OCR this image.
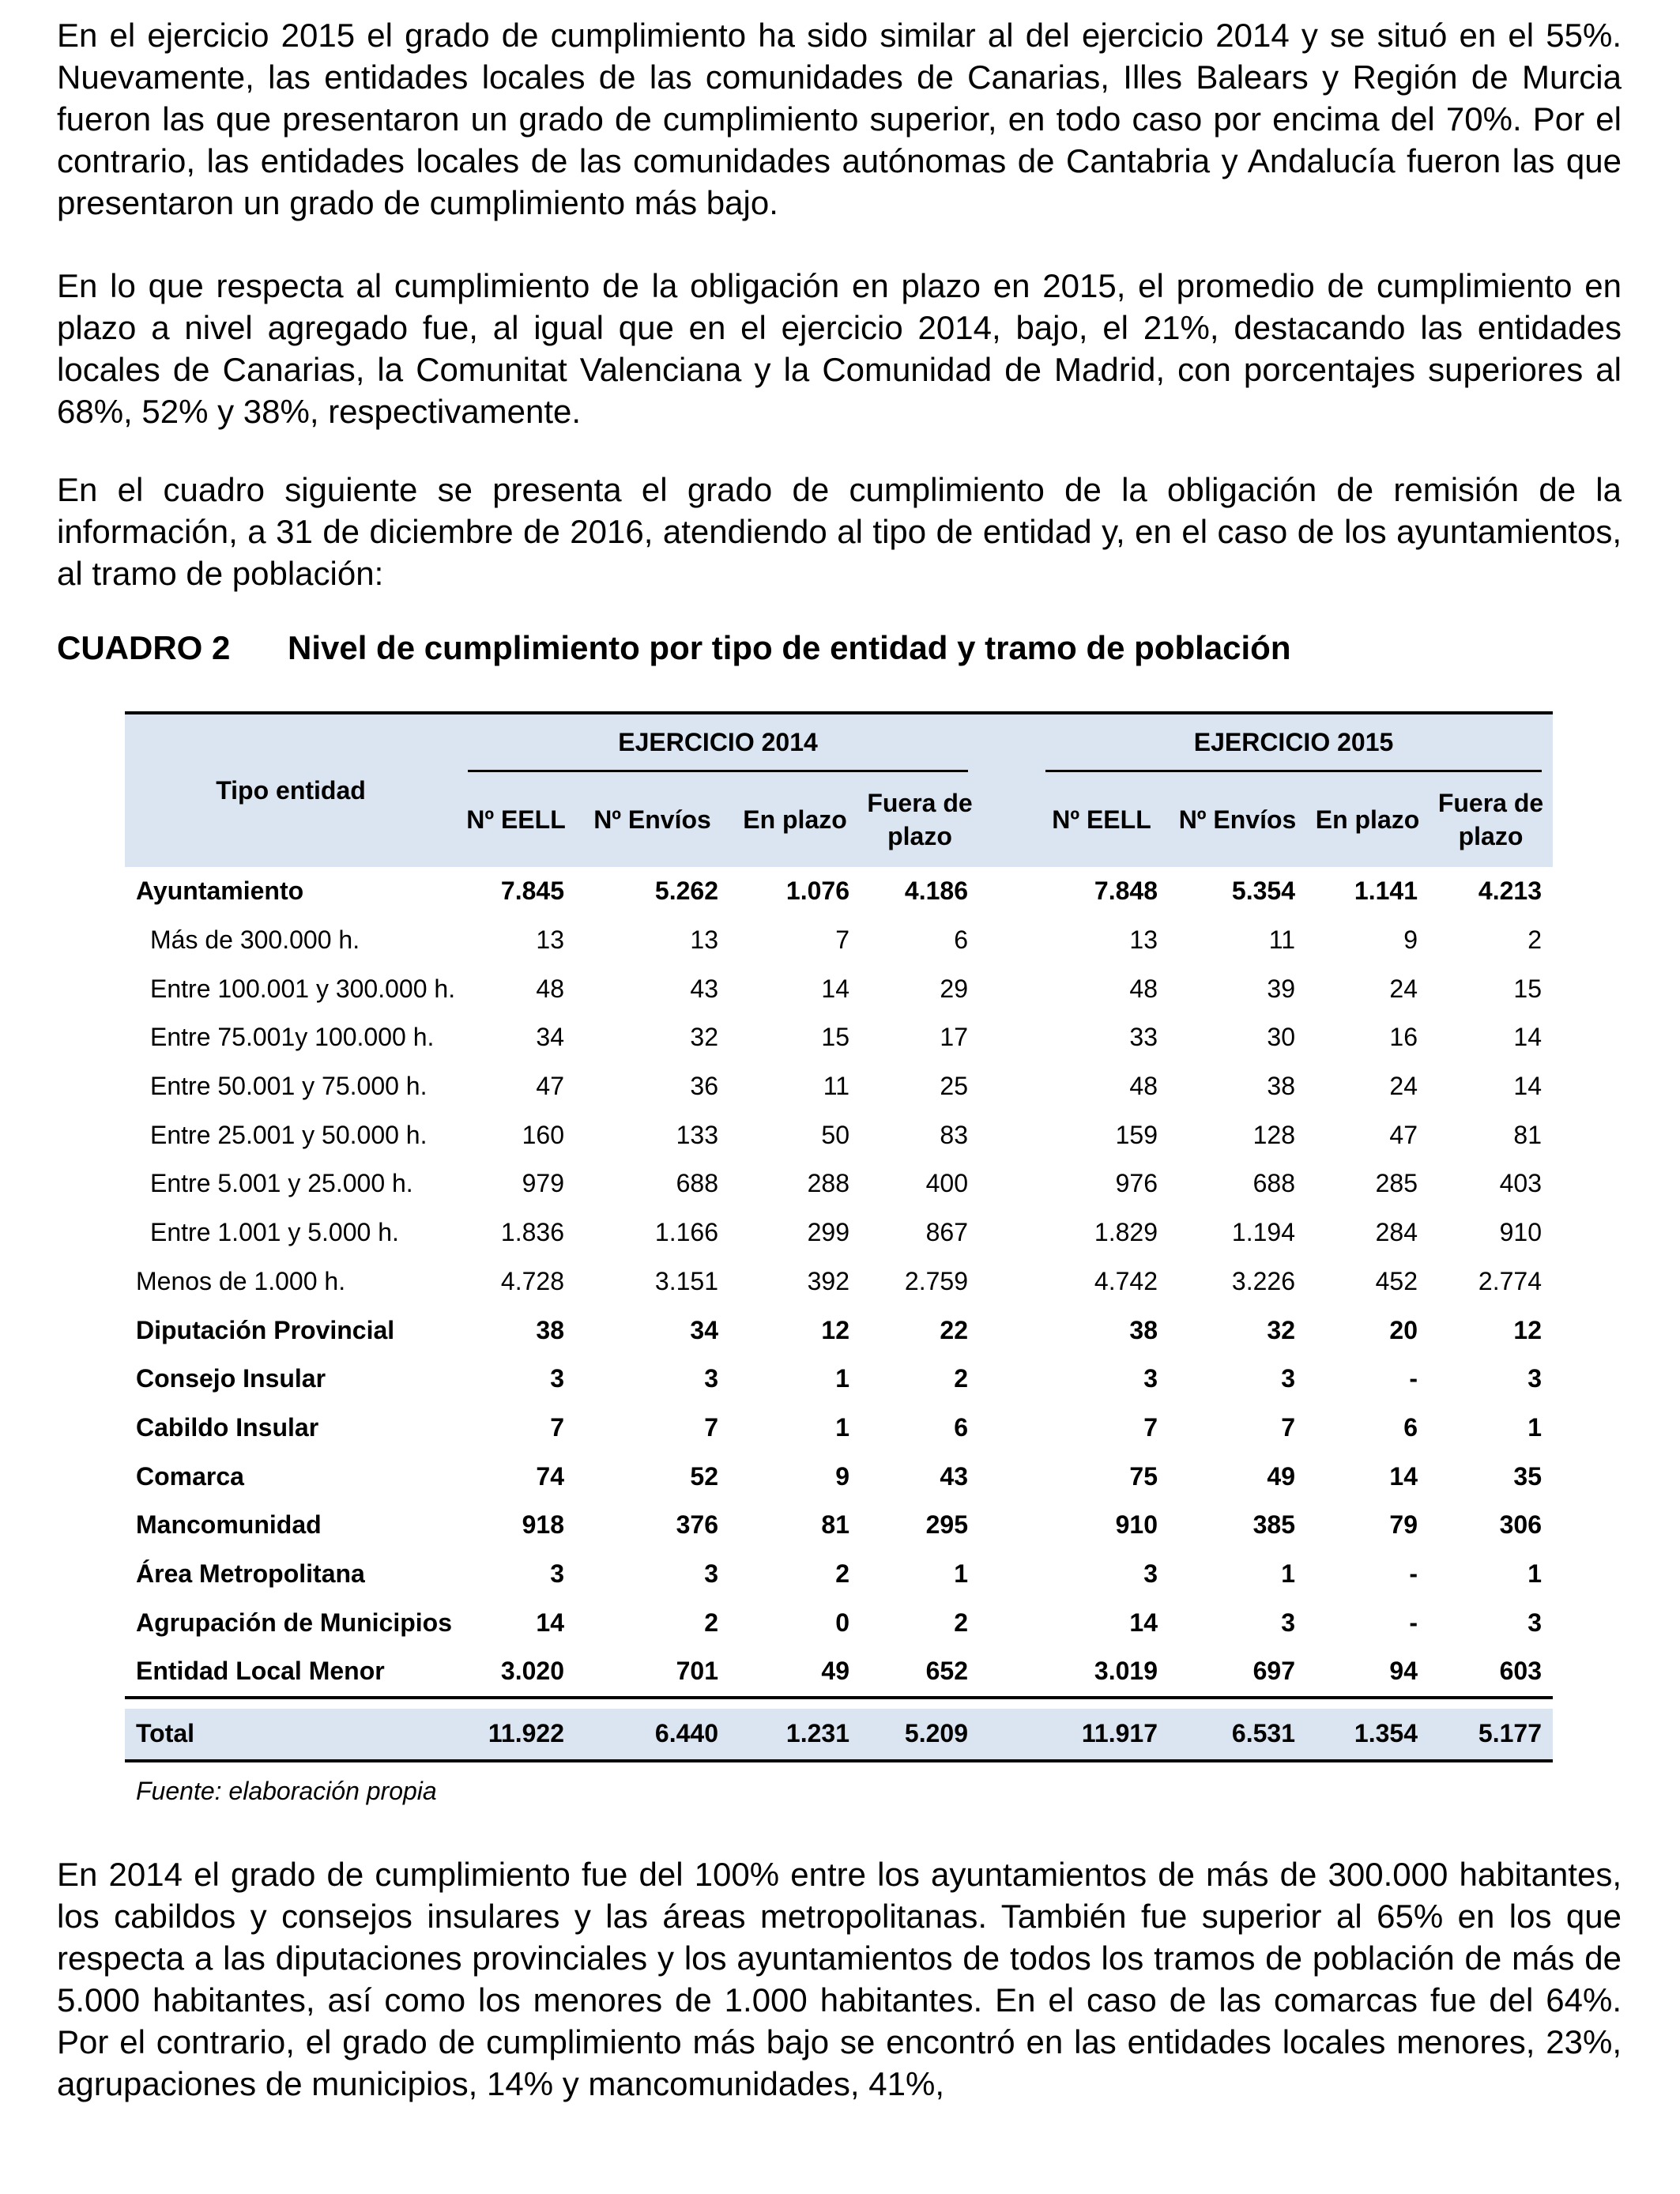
En el ejercicio 2015 el grado de cumplimiento ha sido similar al del ejercicio 2014 y se situó en el 55%. Nuevamente, las entidades locales de las comunidades de Canarias, Illes Balears y Región de Murcia fueron las que presentaron un grado de cumplimiento superior, en todo caso por encima del 70%. Por el contrario, las entidades locales de las comunidades autónomas de Cantabria y Andalucía fueron las que presentaron un grado de cumplimiento más bajo.

En lo que respecta al cumplimiento de la obligación en plazo en 2015, el promedio de cumplimiento en plazo a nivel agregado fue, al igual que en el ejercicio 2014, bajo, el 21%, destacando las entidades locales de Canarias, la Comunitat Valenciana y la Comunidad de Madrid, con porcentajes superiores al 68%, 52% y 38%, respectivamente.

En el cuadro siguiente se presenta el grado de cumplimiento de la obligación de remisión de la información, a 31 de diciembre de 2016, atendiendo al tipo de entidad y, en el caso de los ayuntamientos, al tramo de población:

CUADRO 2 Nivel de cumplimiento por tipo de entidad y tramo de población

Tipo entidad	EJERCICIO 2014					EJERCICIO 2015			

	Nº EELL	Nº Envíos	En plazo	Fuera de plazo		Nº EELL	Nº Envíos	En plazo	Fuera de plazo
Ayuntamiento	7.845	5.262	1.076	4.186		7.848	5.354	1.141	4.213
Más de 300.000 h.	13	13	7	6		13	11	9	2
Entre 100.001 y 300.000 h.	48	43	14	29		48	39	24	15
Entre 75.001y 100.000 h.	34	32	15	17		33	30	16	14
Entre 50.001 y 75.000 h.	47	36	11	25		48	38	24	14
Entre 25.001 y 50.000 h.	160	133	50	83		159	128	47	81
Entre 5.001 y 25.000 h.	979	688	288	400		976	688	285	403
Entre 1.001 y 5.000 h.	1.836	1.166	299	867		1.829	1.194	284	910
Menos de 1.000 h.	4.728	3.151	392	2.759		4.742	3.226	452	2.774
Diputación Provincial	38	34	12	22		38	32	20	12
Consejo Insular	3	3	1	2		3	3	-	3
Cabildo Insular	7	7	1	6		7	7	6	1
Comarca	74	52	9	43		75	49	14	35
Mancomunidad	918	376	81	295		910	385	79	306
Área Metropolitana	3	3	2	1		3	1	-	1
Agrupación de Municipios	14	2	0	2		14	3	-	3
Entidad Local Menor	3.020	701	49	652		3.019	697	94	603

Total	11.922	6.440	1.231	5.209		11.917	6.531	1.354	5.177

Fuente: elaboración propia

En 2014 el grado de cumplimiento fue del 100% entre los ayuntamientos de más de 300.000 habitantes, los cabildos y consejos insulares y las áreas metropolitanas. También fue superior al 65% en los que respecta a las diputaciones provinciales y los ayuntamientos de todos los tramos de población de más de 5.000 habitantes, así como los menores de 1.000 habitantes. En el caso de las comarcas fue del 64%. Por el contrario, el grado de cumplimiento más bajo se encontró en las entidades locales menores, 23%, agrupaciones de municipios, 14% y mancomunidades, 41%,
